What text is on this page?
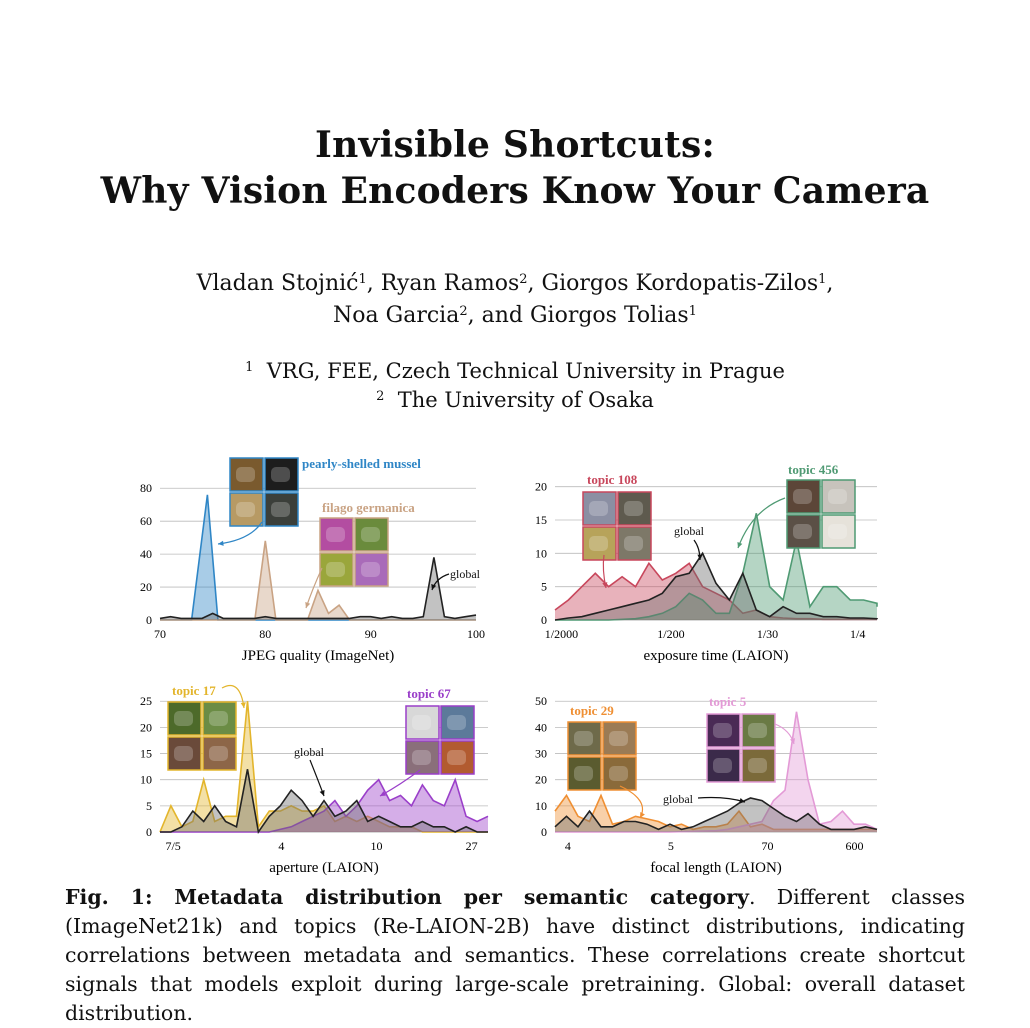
Invisible Shortcuts:
Why Vision Encoders Know Your Camera
Vladan Stojnić$^1$, Ryan Ramos$^2$, Giorgos Kordopatis-Zilos$^1$,
Noa Garcia$^2$, and Giorgos Tolias$^1$
$^1$ VRG, FEE, Czech Technical University in Prague
$^2$ The University of Osaka
0
20
40
60
80
70	80	90	100
JPEG quality (ImageNet)
0
5
10
15
20
1/2000	1/200	1/30	1/4
exposure time (LAION)
0
5
10
15
20
25
7/5	4	10	27
aperture (LAION)
0
10
20
30
40
50
4	5	70	600
focal length (LAION)
pearly-shelled mussel
filago germanica
global
topic 108
topic 456
global
topic 17	topic 67
global
topic 29
topic 5
global
Fig. 1: Metadata distribution per semantic category. Different classes (ImageNet21k) and topics (Re-LAION-2B) have distinct distributions, indicating correlations between metadata and semantics. These correlations create shortcut signals that models exploit during large-scale pretraining. Global: overall dataset distribution.
